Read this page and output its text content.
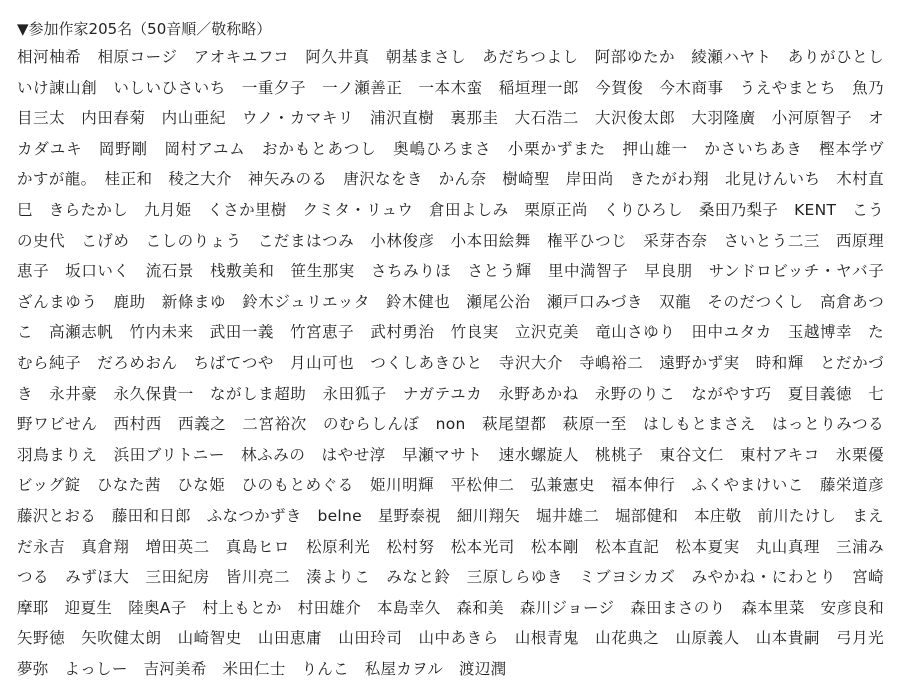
▼参加作家205名（50音順／敬称略）

相河柚希　 相原コージ　 アオキユフコ　 阿久井真　 朝基まさし　 あだちつよし　 阿部ゆたか　 綾瀬ハヤト　 ありがひとし　いけ諌山創　 いしいひさいち　 一重夕子　 一ノ瀬善正　 一本木蛮　 稲垣理一郎　 今賀俊　 今木商事　 うえやまとち　 魚乃目三太　 内田春菊　 内山亜紀　 ウノ・カマキリ　 浦沢直樹　 裏那圭　 大石浩二　 大沢俊太郎　 大羽隆廣　 小河原智子　 オカダユキ　 岡野剛　 岡村アユム　 おかもとあつし　 奥嶋ひろまさ　 小栗かずまた　 押山雄一　 かさいちあき　 樫本学ヴ　かすが龍。　 桂正和　 稜之大介　 神矢みのる　 唐沢なをき　 かん奈　 樹崎聖　 岸田尚　 きたがわ翔　 北見けんいち　 木村直巳　 きらたかし　 九月姫　 くさか里樹　 クミタ・リュウ　 倉田よしみ　 栗原正尚　 くりひろし　 桑田乃梨子　 KENT　 こうの史代　 こげめ　 こしのりょう　 こだまはつみ　 小林俊彦　 小本田絵舞　 権平ひつじ　 采芽杏奈　 さいとう二三　 西原理恵子　 坂口いく　 流石景　 栈敷美和　 笹生那実　 さちみりほ　 さとう輝　 里中満智子　 早良朋　 サンドロビッチ・ヤバ子　ざんまゆう　 鹿助　 新條まゆ　 鈴木ジュリエッタ　 鈴木健也　 瀬尾公治　 瀬戸口みづき　 双龍　 そのだつくし　 高倉あつこ　 高瀬志帆　 竹内未来　 武田一義　 竹宮恵子　 武村勇治　 竹良実　 立沢克美　 竜山さゆり　 田中ユタカ　 玉越博幸　 たむら純子　 だろめおん　 ちばてつや　 月山可也　 つくしあきひと　 寺沢大介　 寺嶋裕二　 遠野かず実　 時和輝　 とだかづき　 永井豪　 永久保貴一　 ながしま超助　 永田狐子　 ナガテユカ　 永野あかね　 永野のりこ　 ながやす巧　 夏目義徳　 七野ワビせん　 西村西　 西義之　 二宮裕次　 のむらしんぼ　 non　 萩尾望都　 萩原一至　 はしもとまさえ　 はっとりみつる　羽鳥まりえ　 浜田ブリトニー　 林ふみの　 はやせ淳　 早瀬マサト　 速水螺旋人　 桃桃子　 東谷文仁　 東村アキコ　 氷栗優　ビッグ錠　 ひなた茜　 ひな姫　 ひのもとめぐる　 姫川明輝　 平松伸二　 弘兼憲史　 福本伸行　 ふくやまけいこ　 藤栄道彦　藤沢とおる　 藤田和日郎　 ふなつかずき　 belne　 星野泰視　 細川翔矢　 堀井雄二　 堀部健和　 本庄敬　 前川たけし　 まえだ永吉　 真倉翔　 増田英二　 真島ヒロ　 松原利光　 松村努　 松本光司　 松本剛　 松本直記　 松本夏実　 丸山真理　 三浦みつる　 みずほ大　 三田紀房　 皆川亮二　 湊よりこ　 みなと鈴　 三原しらゆき　 ミブヨシカズ　 みやかね・にわとり　 宮崎摩耶　 迎夏生　 陸奥A子　 村上もとか　 村田雄介　 本島幸久　 森和美　 森川ジョージ　 森田まさのり　 森本里菜　 安彦良和　矢野徳　 矢吹健太朗　 山崎智史　 山田恵庸　 山田玲司　 山中あきら　 山根青鬼　 山花典之　 山原義人　 山本貴嗣　 弓月光　夢弥　 よっしー　 吉河美希　 米田仁士　 りんこ　 私屋カヲル　 渡辺潤
